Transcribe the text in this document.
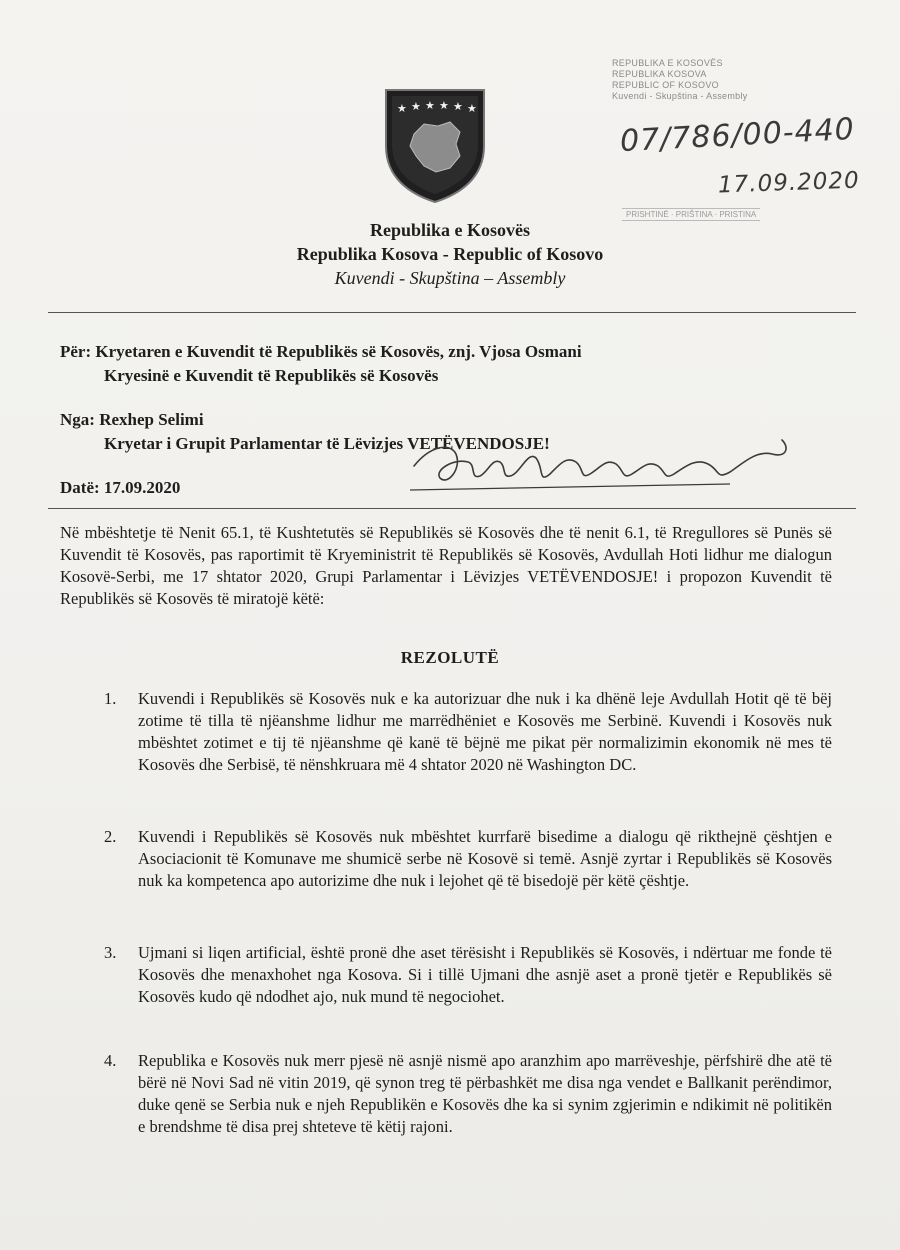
★ ★ ★ ★ ★ ★
REPUBLIKA E KOSOVËS
REPUBLIKA KOSOVA
REPUBLIC OF KOSOVO
Kuvendi - Skupština - Assembly
PRISHTINË · PRIŠTINA · PRISTINA
07/786/00-440
17.09.2020
Republika e Kosovës
Republika Kosova - Republic of Kosovo
Kuvendi - Skupština – Assembly
Për: Kryetaren e Kuvendit të Republikës së Kosovës, znj. Vjosa Osmani
Kryesinë e Kuvendit të Republikës së Kosovës
Nga: Rexhep Selimi
Kryetar i Grupit Parlamentar të Lëvizjes VETËVENDOSJE!
Datë: 17.09.2020
Në mbështetje të Nenit 65.1, të Kushtetutës së Republikës së Kosovës dhe të nenit 6.1, të Rregullores së Punës së Kuvendit të Kosovës, pas raportimit të Kryeministrit të Republikës së Kosovës, Avdullah Hoti lidhur me dialogun Kosovë-Serbi, me 17 shtator 2020, Grupi Parlamentar i Lëvizjes VETËVENDOSJE! i propozon Kuvendit të Republikës së Kosovës të miratojë këtë:
REZOLUTË
1. Kuvendi i Republikës së Kosovës nuk e ka autorizuar dhe nuk i ka dhënë leje Avdullah Hotit që të bëj zotime të tilla të njëanshme lidhur me marrëdhëniet e Kosovës me Serbinë. Kuvendi i Kosovës nuk mbështet zotimet e tij të njëanshme që kanë të bëjnë me pikat për normalizimin ekonomik në mes të Kosovës dhe Serbisë, të nënshkruara më 4 shtator 2020 në Washington DC.
2. Kuvendi i Republikës së Kosovës nuk mbështet kurrfarë bisedime a dialogu që rikthejnë çështjen e Asociacionit të Komunave me shumicë serbe në Kosovë si temë. Asnjë zyrtar i Republikës së Kosovës nuk ka kompetenca apo autorizime dhe nuk i lejohet që të bisedojë për këtë çështje.
3. Ujmani si liqen artificial, është pronë dhe aset tërësisht i Republikës së Kosovës, i ndërtuar me fonde të Kosovës dhe menaxhohet nga Kosova. Si i tillë Ujmani dhe asnjë aset a pronë tjetër e Republikës së Kosovës kudo që ndodhet ajo, nuk mund të negociohet.
4. Republika e Kosovës nuk merr pjesë në asnjë nismë apo aranzhim apo marrëveshje, përfshirë dhe atë të bërë në Novi Sad në vitin 2019, që synon treg të përbashkët me disa nga vendet e Ballkanit perëndimor, duke qenë se Serbia nuk e njeh Republikën e Kosovës dhe ka si synim zgjerimin e ndikimit në politikën e brendshme të disa prej shteteve të këtij rajoni.
